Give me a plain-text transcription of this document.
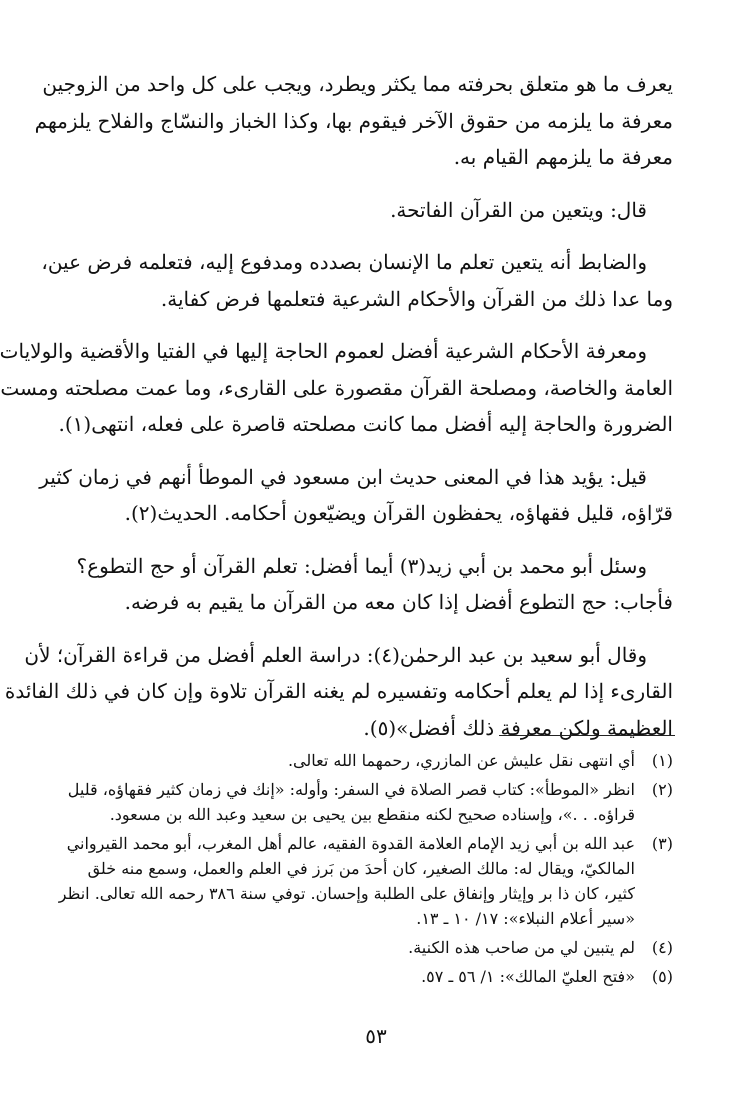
يعرف ما هو متعلق بحرفته مما يكثر ويطرد، ويجب على كل واحد من الزوجين
معرفة ما يلزمه من حقوق الآخر فيقوم بها، وكذا الخباز والنسّاج والفلاح يلزمهم
معرفة ما يلزمهم القيام به.
قال: ويتعين من القرآن الفاتحة.
والضابط أنه يتعين تعلم ما الإنسان بصدده ومدفوع إليه، فتعلمه فرض عين،
وما عدا ذلك من القرآن والأحكام الشرعية فتعلمها فرض كفاية.
ومعرفة الأحكام الشرعية أفضل لعموم الحاجة إليها في الفتيا والأقضية والولايات
العامة والخاصة، ومصلحة القرآن مقصورة على القارىء، وما عمت مصلحته ومست
الضرورة والحاجة إليه أفضل مما كانت مصلحته قاصرة على فعله، انتهى(١).
قيل: يؤيد هذا في المعنى حديث ابن مسعود في الموطأ أنهم في زمان كثير
قرّاؤه، قليل فقهاؤه، يحفظون القرآن ويضيّعون أحكامه. الحديث(٢).
وسئل أبو محمد بن أبي زيد(٣) أيما أفضل: تعلم القرآن أو حج التطوع؟
فأجاب: حج التطوع أفضل إذا كان معه من القرآن ما يقيم به فرضه.
وقال أبو سعيد بن عبد الرحمٰن(٤): دراسة العلم أفضل من قراءة القرآن؛ لأن
القارىء إذا لم يعلم أحكامه وتفسيره لم يغنه القرآن تلاوة وإن كان في ذلك الفائدة
العظيمة ولكن معرفة ذلك أفضل»(٥).
(١)
أي انتهى نقل عليش عن المازري، رحمهما الله تعالى.
(٢)
انظر «الموطأ»: كتاب قصر الصلاة في السفر: وأوله: «إنك في زمان كثير فقهاؤه، قليل
قراؤه. . .»، وإسناده صحيح لكنه منقطع بين يحيى بن سعيد وعبد الله بن مسعود.
(٣)
عبد الله بن أبي زيد الإمام العلامة القدوة الفقيه، عالم أهل المغرب، أبو محمد القيرواني
المالكيّ، ويقال له: مالك الصغير، كان أحدَ من بَرز في العلم والعمل، وسمع منه خلق
كثير، كان ذا بر وإيثار وإنفاق على الطلبة وإحسان. توفي سنة ٣٨٦ رحمه الله تعالى. انظر
«سير أعلام النبلاء»: ١٧/ ١٠ ـ ١٣.
(٤)
لم يتبين لي من صاحب هذه الكنية.
(٥)
«فتح العليّ المالك»: ١/ ٥٦ ـ ٥٧.
٥٣
